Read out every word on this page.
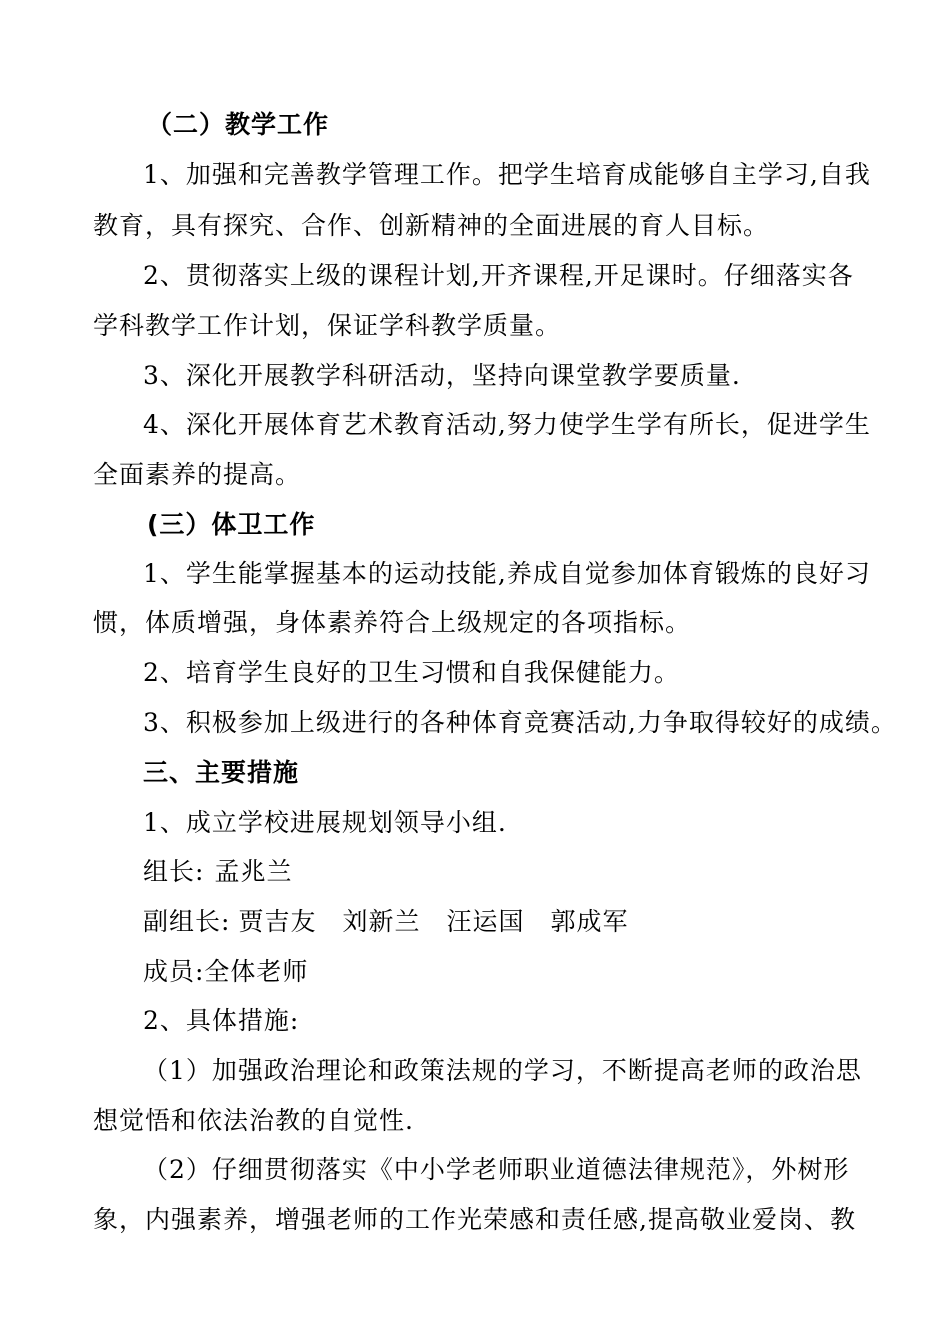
（二）教学工作
1、加强和完善教学管理工作。把学生培育成能够自主学习,自我
教育，具有探究、合作、创新精神的全面进展的育人目标。
2、贯彻落实上级的课程计划,开齐课程,开足课时。仔细落实各
学科教学工作计划，保证学科教学质量。
3、深化开展教学科研活动，坚持向课堂教学要质量.
4、深化开展体育艺术教育活动,努力使学生学有所长，促进学生
全面素养的提高。
(三）体卫工作
1、学生能掌握基本的运动技能,养成自觉参加体育锻炼的良好习
惯，体质增强，身体素养符合上级规定的各项指标。
2、培育学生良好的卫生习惯和自我保健能力。
3、积极参加上级进行的各种体育竞赛活动,力争取得较好的成绩。
三、主要措施
1、成立学校进展规划领导小组.
组长: 孟兆兰
副组长: 贾吉友 刘新兰 汪运国 郭成军
成员:全体老师
2、具体措施:
（1）加强政治理论和政策法规的学习，不断提高老师的政治思
想觉悟和依法治教的自觉性.
（2）仔细贯彻落实《中小学老师职业道德法律规范》，外树形
象，内强素养，增强老师的工作光荣感和责任感,提高敬业爱岗、教
